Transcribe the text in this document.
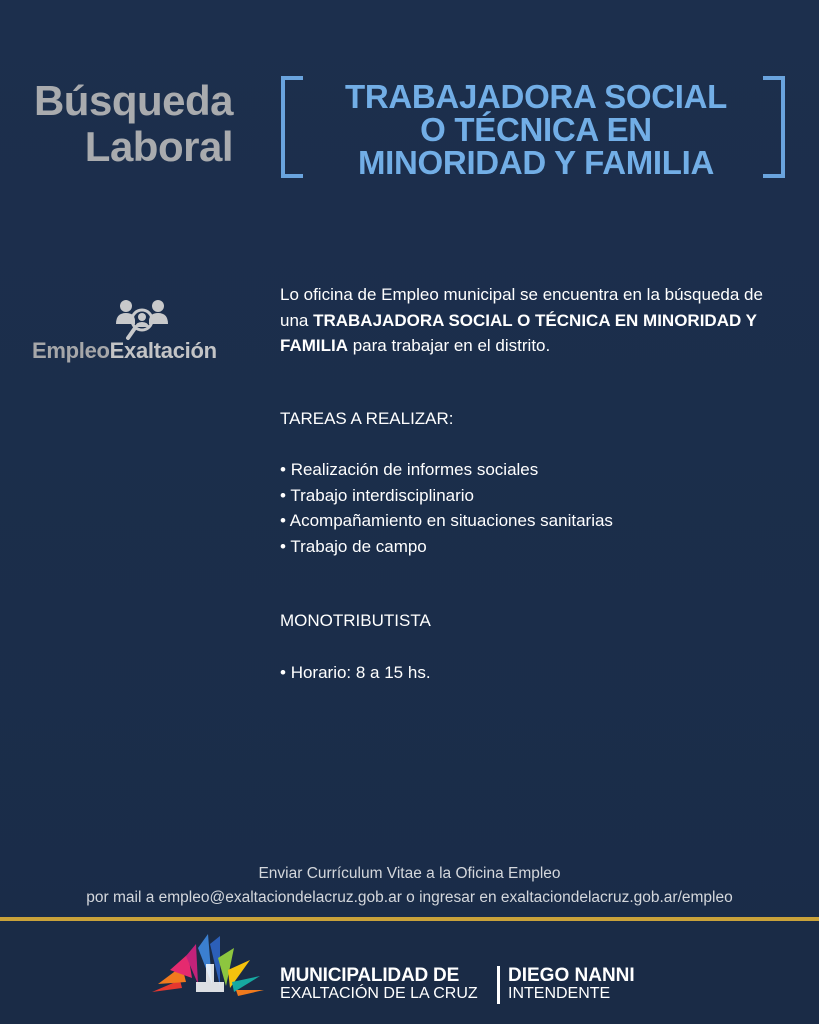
Búsqueda
Laboral
TRABAJADORA SOCIAL
O TÉCNICA EN
MINORIDAD Y FAMILIA
EmpleoExaltación

Lo oficina de Empleo municipal se encuentra en la búsqueda de una TRABAJADORA SOCIAL O TÉCNICA EN MINORIDAD Y FAMILIA para trabajar en el distrito.

TAREAS A REALIZAR:

• Realización de informes sociales
• Trabajo interdisciplinario
• Acompañamiento en situaciones sanitarias
• Trabajo de campo

MONOTRIBUTISTA

• Horario: 8 a 15 hs.
Enviar Currículum Vitae a la Oficina Empleo
por mail a empleo@exaltaciondelacruz.gob.ar o ingresar en exaltaciondelacruz.gob.ar/empleo
MUNICIPALIDAD DE
EXALTACIÓN DE LA CRUZ
DIEGO NANNI
INTENDENTE
